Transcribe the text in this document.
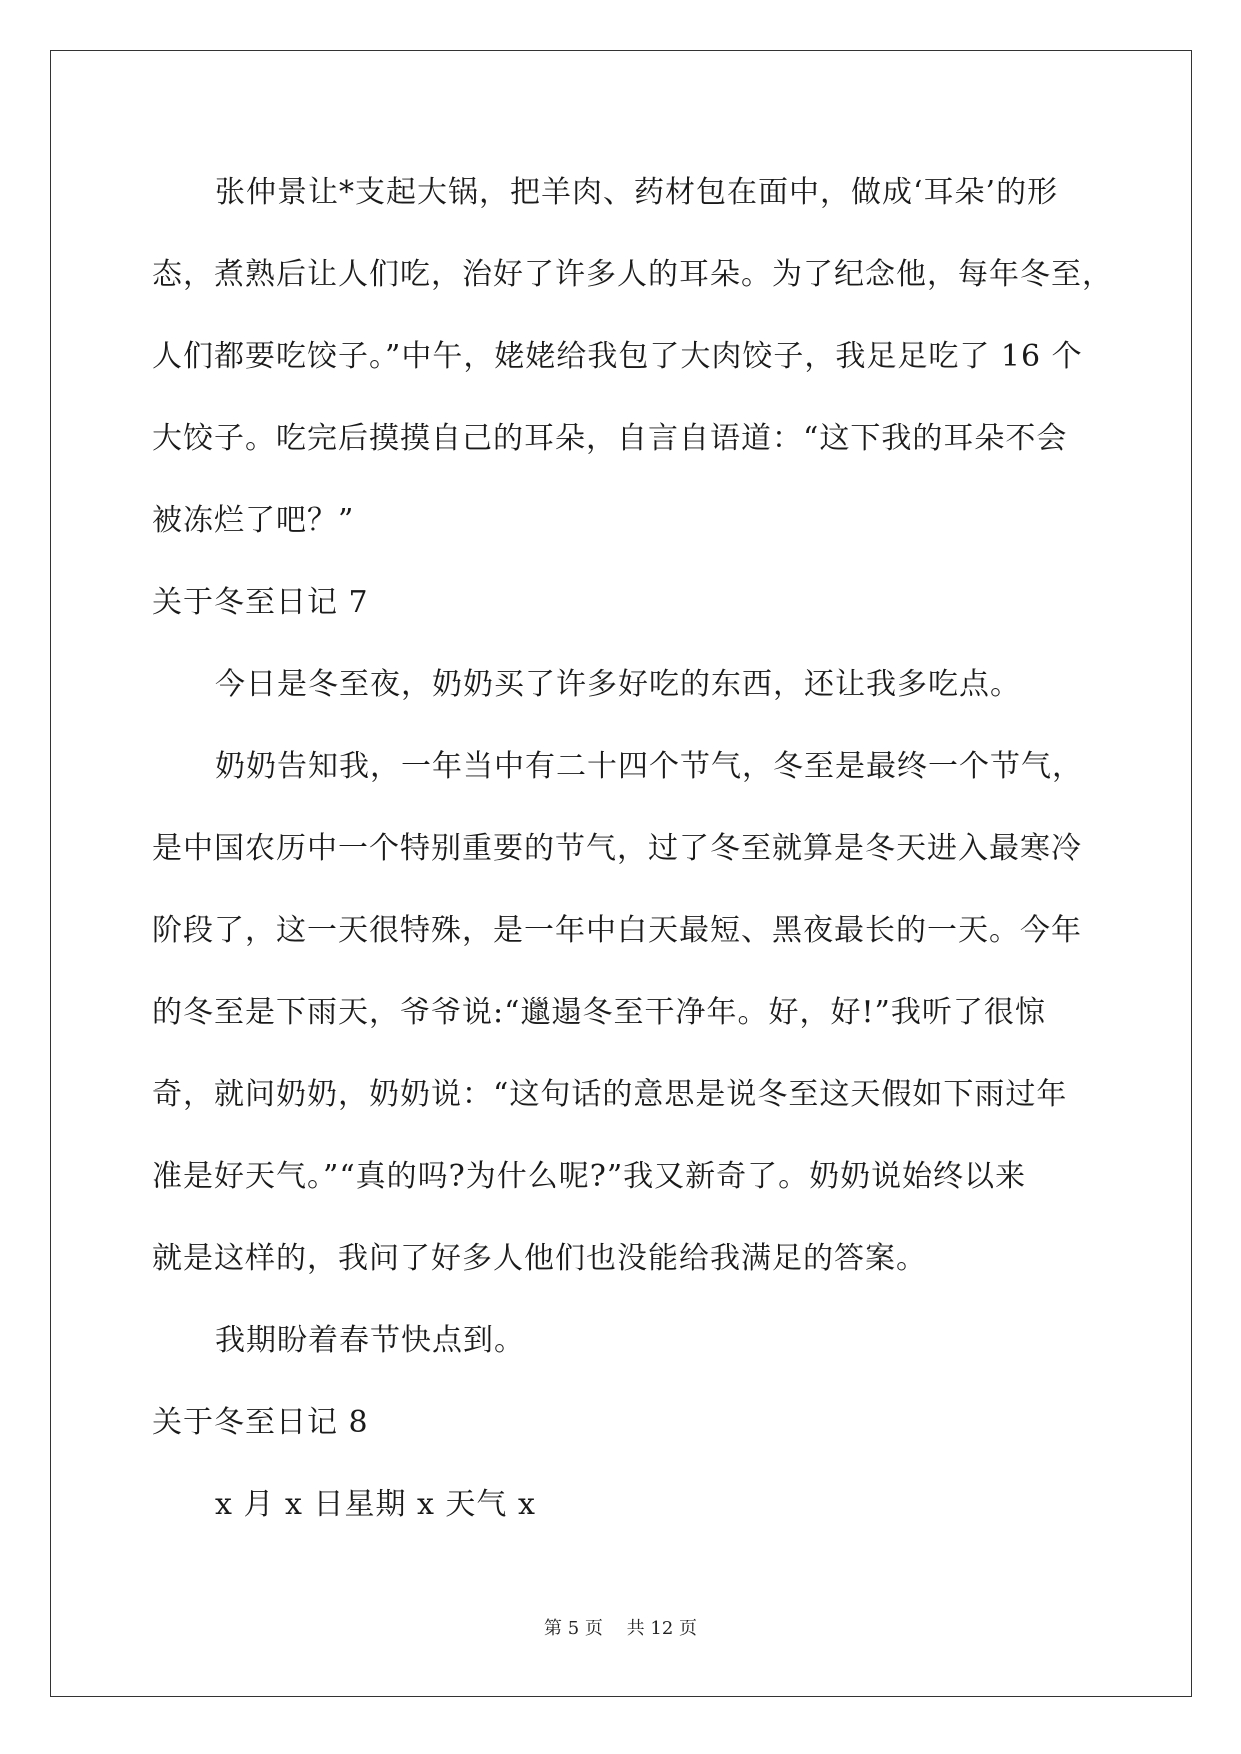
张仲景让*支起大锅，把羊肉、药材包在面中，做成‘耳朵’的形
态，煮熟后让人们吃，治好了许多人的耳朵。为了纪念他，每年冬至，
人们都要吃饺子。”中午，姥姥给我包了大肉饺子，我足足吃了 16 个
大饺子。吃完后摸摸自己的耳朵，自言自语道：“这下我的耳朵不会
被冻烂了吧？”
关于冬至日记 7
今日是冬至夜，奶奶买了许多好吃的东西，还让我多吃点。
奶奶告知我，一年当中有二十四个节气，冬至是最终一个节气，
是中国农历中一个特别重要的节气，过了冬至就算是冬天进入最寒冷
阶段了，这一天很特殊，是一年中白天最短、黑夜最长的一天。今年
的冬至是下雨天，爷爷说:“邋遢冬至干净年。好，好!”我听了很惊
奇，就问奶奶，奶奶说：“这句话的意思是说冬至这天假如下雨过年
准是好天气。”“真的吗?为什么呢?”我又新奇了。奶奶说始终以来
就是这样的，我问了好多人他们也没能给我满足的答案。
我期盼着春节快点到。
关于冬至日记 8
x 月 x 日星期 x 天气 x
第 5 页 共 12 页
